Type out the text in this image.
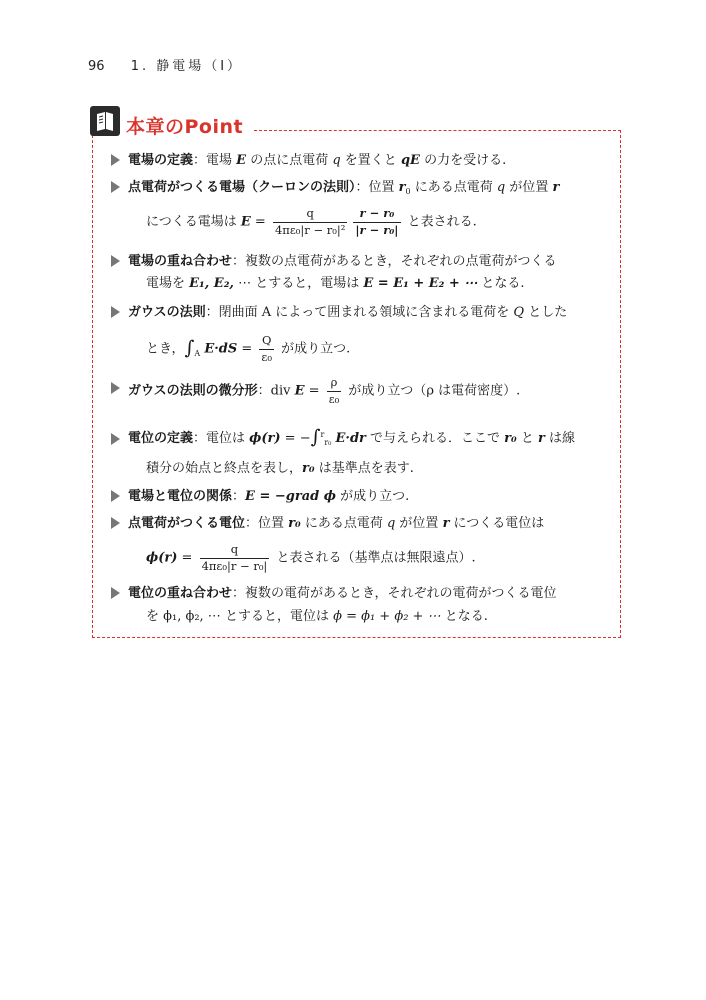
96 1. 静電場（Ⅰ）
本章のPoint
電場の定義：電場 E の点に点電荷 q を置くと qE の力を受ける.
点電荷がつくる電場（クーロンの法則）：位置 $r_0$ にある点電荷 q が位置 r
につくる電場は $E = \frac{q}{\text{4πε₀|r − r₀|²}} \frac{\text{r − r₀}}{\text{|r − r₀|}}$ と表される.
電場の重ね合わせ：複数の点電荷があるとき，それぞれの点電荷がつくる
電場を E₁, E₂, ⋯ とすると，電場は E = E₁ + E₂ + ⋯ となる.
ガウスの法則：閉曲面 A によって囲まれる領域に含まれる電荷を Q とした
とき，$\int_A$ $E\cdot dS = \frac{Q}{\text{ε₀}}$ が成り立つ.
ガウスの法則の微分形：div $E = \frac{\rho}{\text{ε₀}}$ が成り立つ（ρ は電荷密度）.
電位の定義：電位は ϕ(r) = −∫$^r_{r_0}$ E·dr で与えられる．ここで r₀ と r は線
積分の始点と終点を表し，r₀ は基準点を表す.
電場と電位の関係：E = −grad ϕ が成り立つ.
点電荷がつくる電位：位置 r₀ にある点電荷 q が位置 r につくる電位は
$\phi(r) = \frac{q}{\text{4πε₀|r − r₀|}}$ と表される（基準点は無限遠点）.
電位の重ね合わせ：複数の電荷があるとき，それぞれの電荷がつくる電位
を ϕ₁, ϕ₂, ⋯ とすると，電位は ϕ = ϕ₁ + ϕ₂ + ⋯ となる.
